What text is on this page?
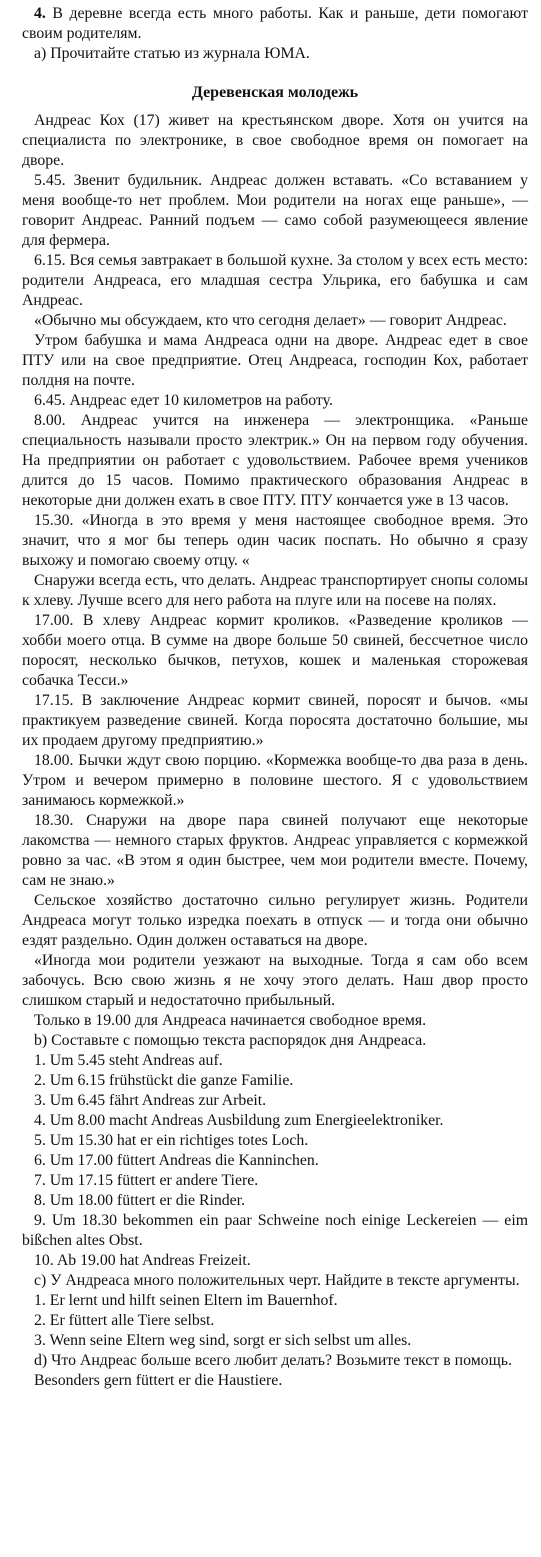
4. В деревне всегда есть много работы. Как и раньше, дети помогают своим родителям.

а) Прочитайте статью из журнала ЮМА.

Деревенская молодежь

Андреас Кох (17) живет на крестьянском дворе. Хотя он учится на специалиста по электронике, в свое свободное время он помогает на дворе.

5.45. Звенит будильник. Андреас должен вставать. «Со вставанием у меня вообще-то нет проблем. Мои родители на ногах еще раньше», — говорит Андреас. Ранний подъем — само собой разумеющееся явление для фермера.

6.15. Вся семья завтракает в большой кухне. За столом у всех есть место: родители Андреаса, его младшая сестра Ульрика, его бабушка и сам Андреас.

«Обычно мы обсуждаем, кто что сегодня делает» — говорит Андреас.

Утром бабушка и мама Андреаса одни на дворе. Андреас едет в свое ПТУ или на свое предприятие. Отец Андреаса, господин Кох, работает полдня на почте.

6.45. Андреас едет 10 километров на работу.

8.00. Андреас учится на инженера — электронщика. «Раньше специальность называли просто электрик.» Он на первом году обучения. На предприятии он работает с удовольствием. Рабочее время учеников длится до 15 часов. Помимо практического образования Андреас в некоторые дни должен ехать в свое ПТУ. ПТУ кончается уже в 13 часов.

15.30. «Иногда в это время у меня настоящее свободное время. Это значит, что я мог бы теперь один часик поспать. Но обычно я сразу выхожу и помогаю своему отцу. «

Снаружи всегда есть, что делать. Андреас транспортирует снопы соломы к хлеву. Лучше всего для него работа на плуге или на посеве на полях.

17.00. В хлеву Андреас кормит кроликов. «Разведение кроликов — хобби моего отца. В сумме на дворе больше 50 свиней, бессчетное число поросят, несколько бычков, петухов, кошек и маленькая сторожевая собачка Тесси.»

17.15. В заключение Андреас кормит свиней, поросят и бычов. «мы практикуем разведение свиней. Когда поросята достаточно большие, мы их продаем другому предприятию.»

18.00. Бычки ждут свою порцию. «Кормежка вообще-то два раза в день. Утром и вечером примерно в половине шестого. Я с удовольствием занимаюсь кормежкой.»

18.30. Снаружи на дворе пара свиней получают еще некоторые лакомства — немного старых фруктов. Андреас управляется с кормежкой ровно за час. «В этом я один быстрее, чем мои родители вместе. Почему, сам не знаю.»

Сельское хозяйство достаточно сильно регулирует жизнь. Родители Андреаса могут только изредка поехать в отпуск — и тогда они обычно ездят раздельно. Один должен оставаться на дворе.

«Иногда мои родители уезжают на выходные. Тогда я сам обо всем забочусь. Всю свою жизнь я не хочу этого делать. Наш двор просто слишком старый и недостаточно прибыльный.

Только в 19.00 для Андреаса начинается свободное время.

b) Составьте с помощью текста распорядок дня Андреаса.

1. Um 5.45 steht Andreas auf.

2. Um 6.15 frühstückt die ganze Familie.

3. Um 6.45 fährt Andreas zur Arbeit.

4. Um 8.00 macht Andreas Ausbildung zum Energieelektroniker.

5. Um 15.30 hat er ein richtiges totes Loch.

6. Um 17.00 füttert Andreas die Kanninchen.

7. Um 17.15 füttert er andere Tiere.

8. Um 18.00 füttert er die Rinder.

9. Um 18.30 bekommen ein paar Schweine noch einige Leckereien — eim bißchen altes Obst.

10. Ab 19.00 hat Andreas Freizeit.

c) У Андреаса много положительных черт. Найдите в тексте аргументы.

1. Er lernt und hilft seinen Eltern im Bauernhof.

2. Er füttert alle Tiere selbst.

3. Wenn seine Eltern weg sind, sorgt er sich selbst um alles.

d) Что Андреас больше всего любит делать? Возьмите текст в помощь.

Besonders gern füttert er die Haustiere.
